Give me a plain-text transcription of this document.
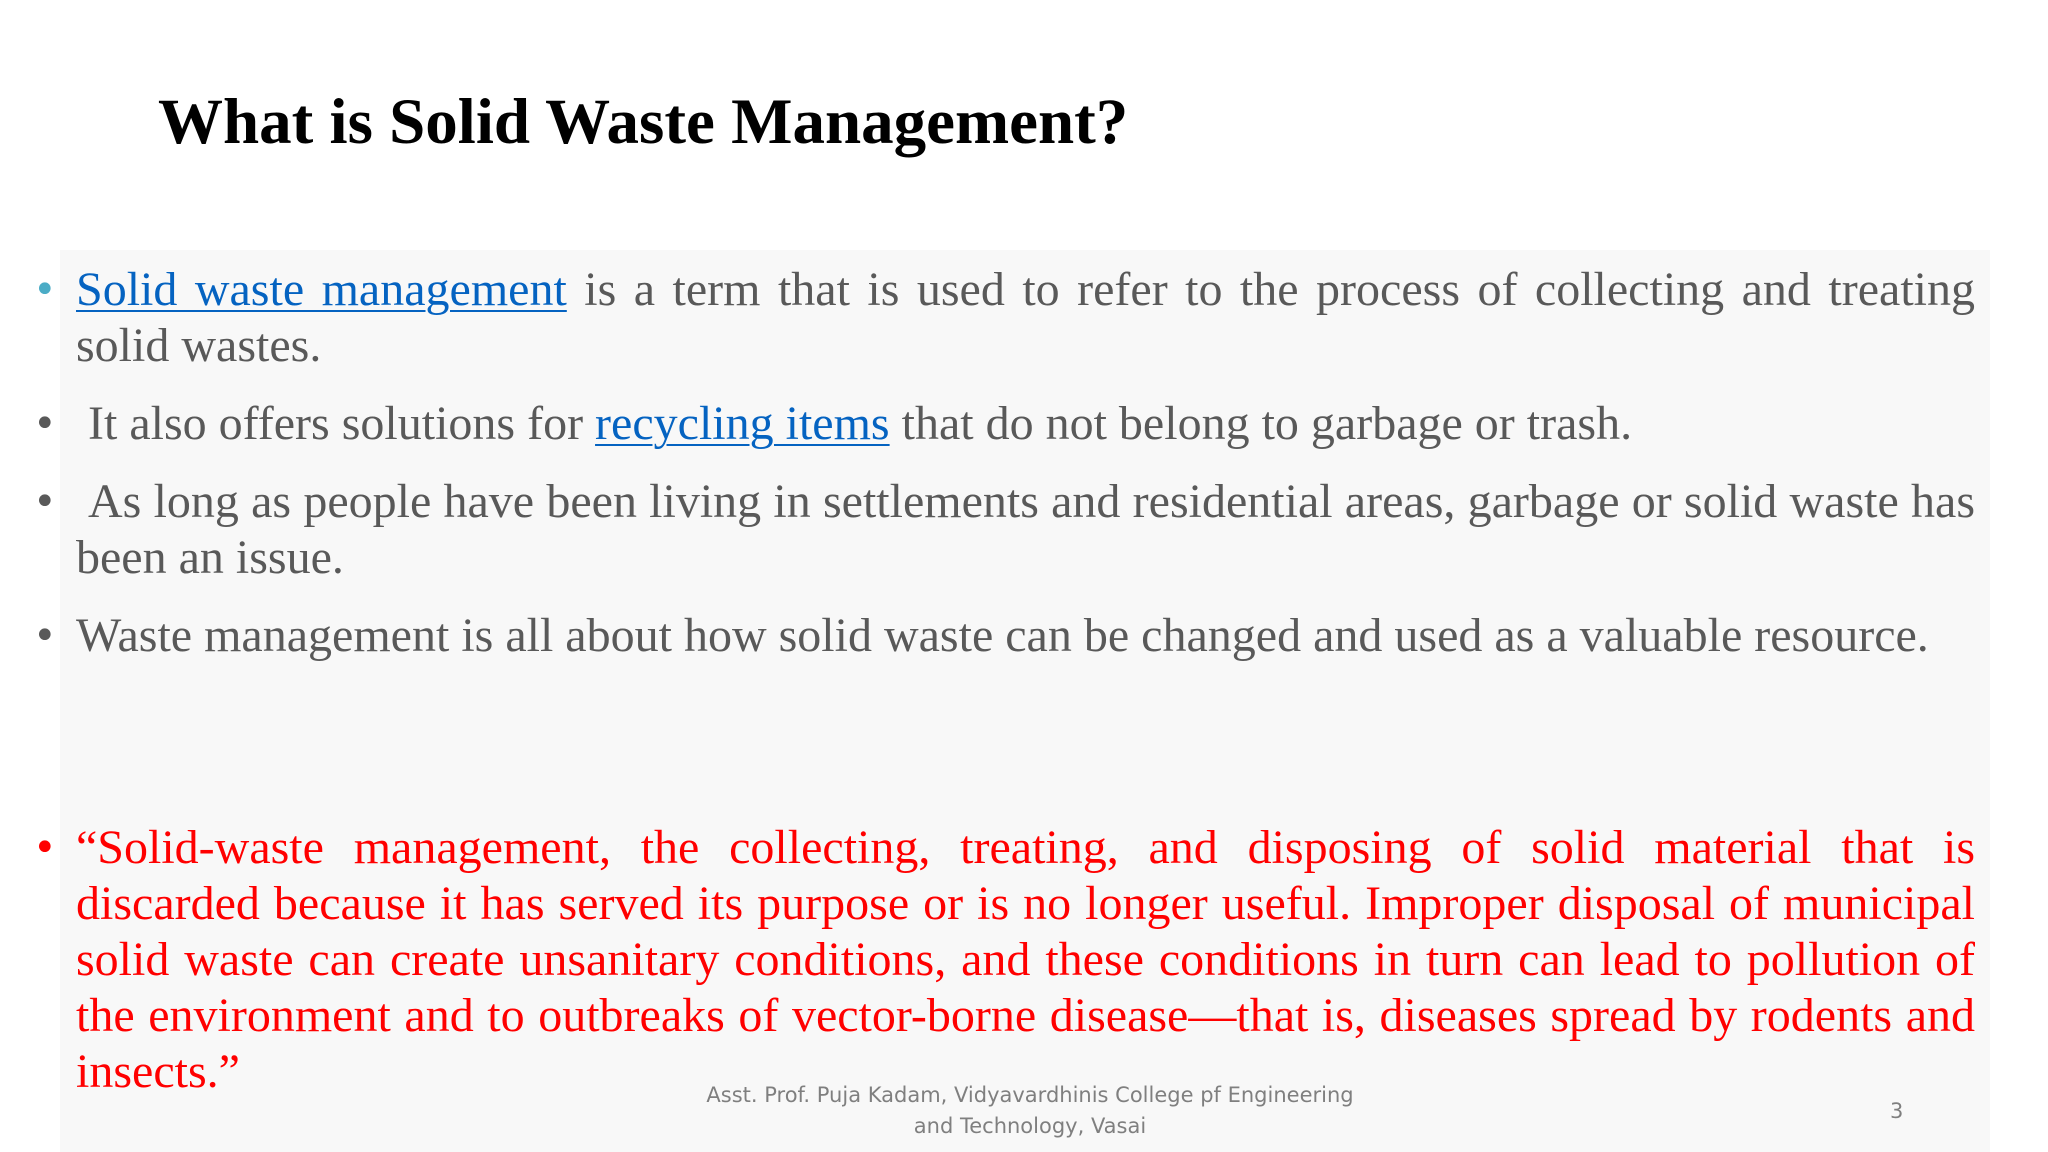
What is Solid Waste Management?
• Solid waste management is a term that is used to refer to the process of collecting and treating solid wastes.
• It also offers solutions for recycling items that do not belong to garbage or trash.
• As long as people have been living in settlements and residential areas, garbage or solid waste has been an issue.
• Waste management is all about how solid waste can be changed and used as a valuable resource.
• “Solid-waste management, the collecting, treating, and disposing of solid material that is discarded because it has served its purpose or is no longer useful. Improper disposal of municipal solid waste can create unsanitary conditions, and these conditions in turn can lead to pollution of the environment and to outbreaks of vector-borne disease—that is, diseases spread by rodents and insects.”	Asst. Prof. Puja Kadam, Vidyavardhinis College pf Engineering
and Technology, Vasai
3
